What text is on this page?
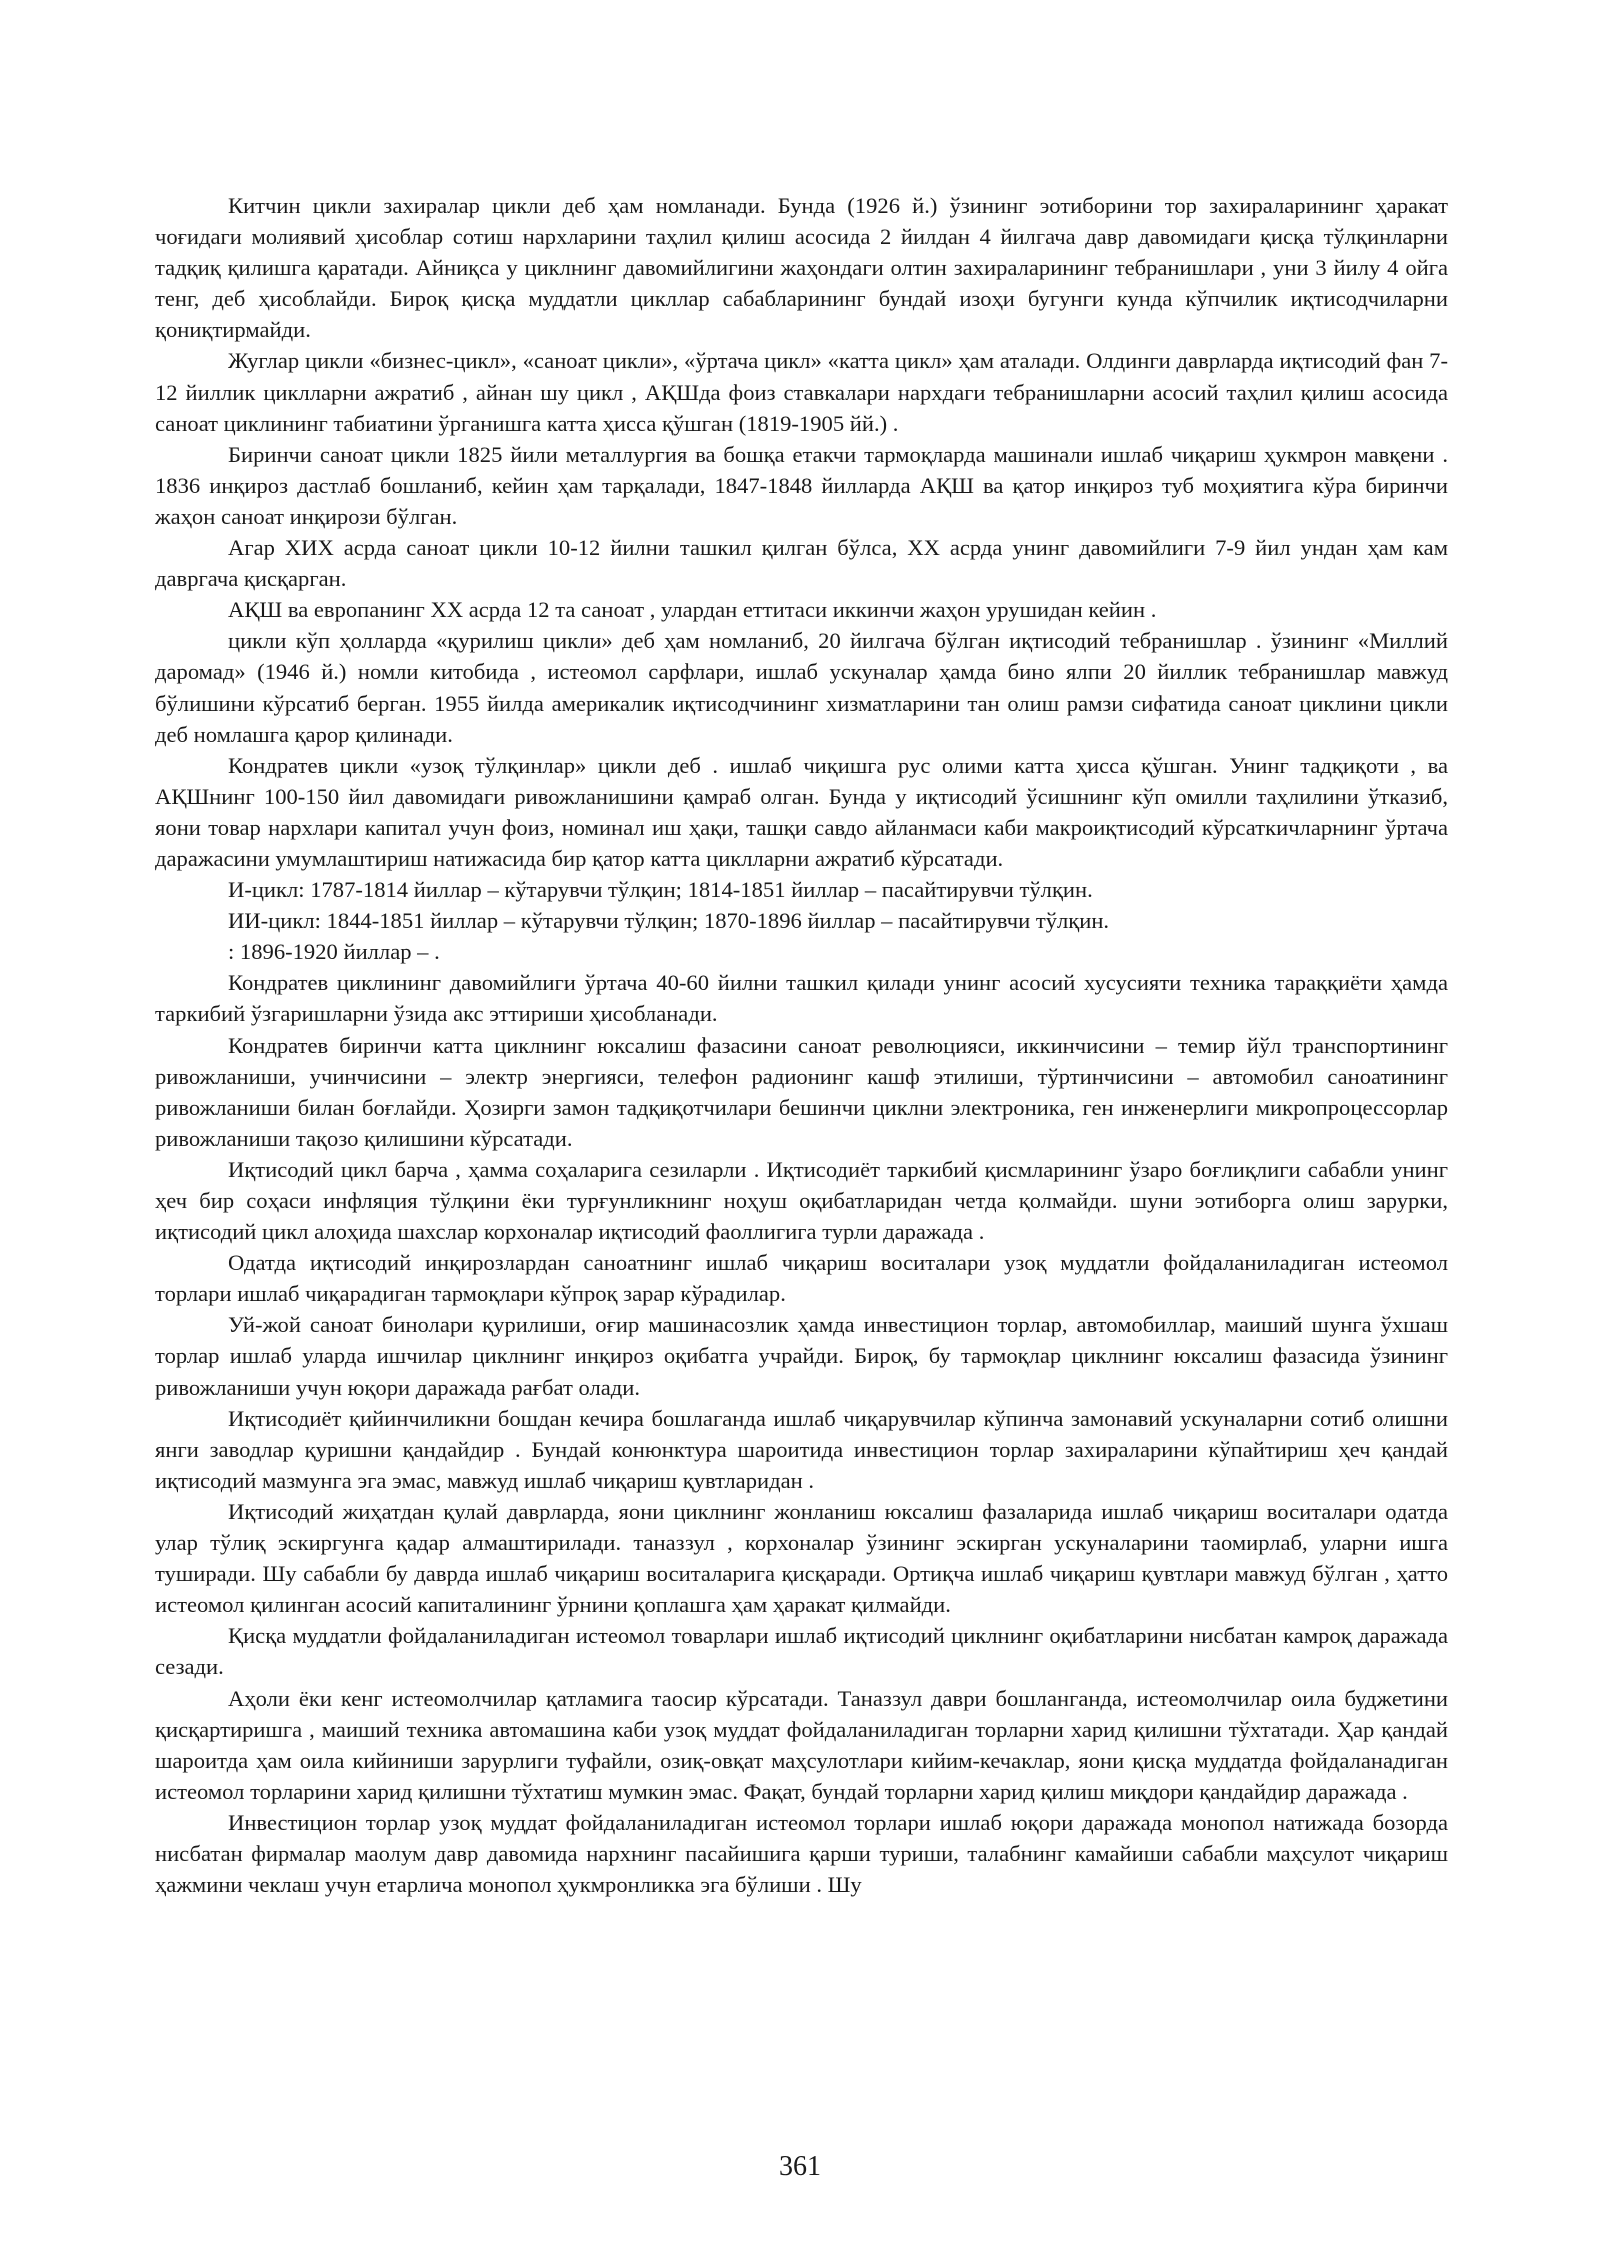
Китчин цикли захиралар цикли деб ҳам номланади. Бунда (1926 й.) ўзининг эотиборини тор захираларининг ҳаракат чоғидаги молиявий ҳисоблар сотиш нархларини таҳлил қилиш асосида 2 йилдан 4 йилгача давр давомидаги қисқа тўлқинларни тадқиқ қилишга қаратади. Айниқса у циклнинг давомийлигини жаҳондаги олтин захираларининг тебранишлари , уни 3 йилу 4 ойга тенг, деб ҳисоблайди. Бироқ қисқа муддатли цикллар сабабларининг бундай изоҳи бугунги кунда кўпчилик иқтисодчиларни қониқтирмайди.

Жуглар цикли «бизнес-цикл», «саноат цикли», «ўртача цикл» «катта цикл» ҳам аталади. Олдинги даврларда иқтисодий фан 7-12 йиллик циклларни ажратиб , айнан шу цикл , АҚШда фоиз ставкалари нархдаги тебранишларни асосий таҳлил қилиш асосида саноат циклининг табиатини ўрганишга катта ҳисса қўшган (1819-1905 йй.) .

Биринчи саноат цикли 1825 йили металлургия ва бошқа етакчи тармоқларда машинали ишлаб чиқариш ҳукмрон мавқени . 1836 инқироз дастлаб бошланиб, кейин ҳам тарқалади, 1847-1848 йилларда АҚШ ва қатор инқироз туб моҳиятига кўра биринчи жаҳон саноат инқирози бўлган.

Агар ХИХ асрда саноат цикли 10-12 йилни ташкил қилган бўлса, ХХ асрда унинг давомийлиги 7-9 йил ундан ҳам кам давргача қисқарган.

АҚШ ва европанинг ХХ асрда 12 та саноат , улардан еттитаси иккинчи жаҳон урушидан кейин .

цикли кўп ҳолларда «қурилиш цикли» деб ҳам номланиб, 20 йилгача бўлган иқтисодий тебранишлар . ўзининг «Миллий даромад» (1946 й.) номли китобида , истеомол сарфлари, ишлаб ускуналар ҳамда бино ялпи 20 йиллик тебранишлар мавжуд бўлишини кўрсатиб берган. 1955 йилда америкалик иқтисодчининг хизматларини тан олиш рамзи сифатида саноат циклини цикли деб номлашга қарор қилинади.

Кондратев цикли «узоқ тўлқинлар» цикли деб . ишлаб чиқишга рус олими катта ҳисса қўшган. Унинг тадқиқоти , ва АҚШнинг 100-150 йил давомидаги ривожланишини қамраб олган. Бунда у иқтисодий ўсишнинг кўп омилли таҳлилини ўтказиб, яони товар нархлари капитал учун фоиз, номинал иш ҳақи, ташқи савдо айланмаси каби макроиқтисодий кўрсаткичларнинг ўртача даражасини умумлаштириш натижасида бир қатор катта циклларни ажратиб кўрсатади.

И-цикл: 1787-1814 йиллар – кўтарувчи тўлқин; 1814-1851 йиллар – пасайтирувчи тўлқин.

ИИ-цикл: 1844-1851 йиллар – кўтарувчи тўлқин; 1870-1896 йиллар – пасайтирувчи тўлқин.

: 1896-1920 йиллар – .

Кондратев циклининг давомийлиги ўртача 40-60 йилни ташкил қилади унинг асосий хусусияти техника тараққиёти ҳамда таркибий ўзгаришларни ўзида акс эттириши ҳисобланади.

Кондратев биринчи катта циклнинг юксалиш фазасини саноат революцияси, иккинчисини – темир йўл транспортининг ривожланиши, учинчисини – электр энергияси, телефон радионинг кашф этилиши, тўртинчисини – автомобил саноатининг ривожланиши билан боғлайди. Ҳозирги замон тадқиқотчилари бешинчи циклни электроника, ген инженерлиги микропроцессорлар ривожланиши тақозо қилишини кўрсатади.

Иқтисодий цикл барча , ҳамма соҳаларига сезиларли . Иқтисодиёт таркибий қисмларининг ўзаро боғлиқлиги сабабли унинг ҳеч бир соҳаси инфляция тўлқини ёки турғунликнинг ноҳуш оқибатларидан четда қолмайди. шуни эотиборга олиш зарурки, иқтисодий цикл алоҳида шахслар корхоналар иқтисодий фаоллигига турли даражада .

Одатда иқтисодий инқирозлардан саноатнинг ишлаб чиқариш воситалари узоқ муддатли фойдаланиладиган истеомол торлари ишлаб чиқарадиган тармоқлари кўпроқ зарар кўрадилар.

Уй-жой саноат бинолари қурилиши, оғир машинасозлик ҳамда инвестицион торлар, автомобиллар, маиший шунга ўхшаш торлар ишлаб уларда ишчилар циклнинг инқироз оқибатга учрайди. Бироқ, бу тармоқлар циклнинг юксалиш фазасида ўзининг ривожланиши учун юқори даражада рағбат олади.

Иқтисодиёт қийинчиликни бошдан кечира бошлаганда ишлаб чиқарувчилар кўпинча замонавий ускуналарни сотиб олишни янги заводлар қуришни қандайдир . Бундай конюнктура шароитида инвестицион торлар захираларини кўпайтириш ҳеч қандай иқтисодий мазмунга эга эмас, мавжуд ишлаб чиқариш қувтларидан .

Иқтисодий жиҳатдан қулай даврларда, яони циклнинг жонланиш юксалиш фазаларида ишлаб чиқариш воситалари одатда улар тўлиқ эскиргунга қадар алмаштирилади. таназзул , корхоналар ўзининг эскирган ускуналарини таомирлаб, уларни ишга туширади. Шу сабабли бу даврда ишлаб чиқариш воситаларига қисқаради. Ортиқча ишлаб чиқариш қувтлари мавжуд бўлган , ҳатто истеомол қилинган асосий капиталининг ўрнини қоплашга ҳам ҳаракат қилмайди.

Қисқа муддатли фойдаланиладиган истеомол товарлари ишлаб иқтисодий циклнинг оқибатларини нисбатан камроқ даражада сезади.

Аҳоли ёки кенг истеомолчилар қатламига таосир кўрсатади. Таназзул даври бошланганда, истеомолчилар оила буджетини қисқартиришга , маиший техника автомашина каби узоқ муддат фойдаланиладиган торларни харид қилишни тўхтатади. Ҳар қандай шароитда ҳам оила кийиниши зарурлиги туфайли, озиқ-овқат маҳсулотлари кийим-кечаклар, яони қисқа муддатда фойдаланадиган истеомол торларини харид қилишни тўхтатиш мумкин эмас. Фақат, бундай торларни харид қилиш миқдори қандайдир даражада .

Инвестицион торлар узоқ муддат фойдаланиладиган истеомол торлари ишлаб юқори даражада монопол натижада бозорда нисбатан фирмалар маолум давр давомида нархнинг пасайишига қарши туриши, талабнинг камайиши сабабли маҳсулот чиқариш ҳажмини чеклаш учун етарлича монопол ҳукмронликка эга бўлиши . Шу

361
